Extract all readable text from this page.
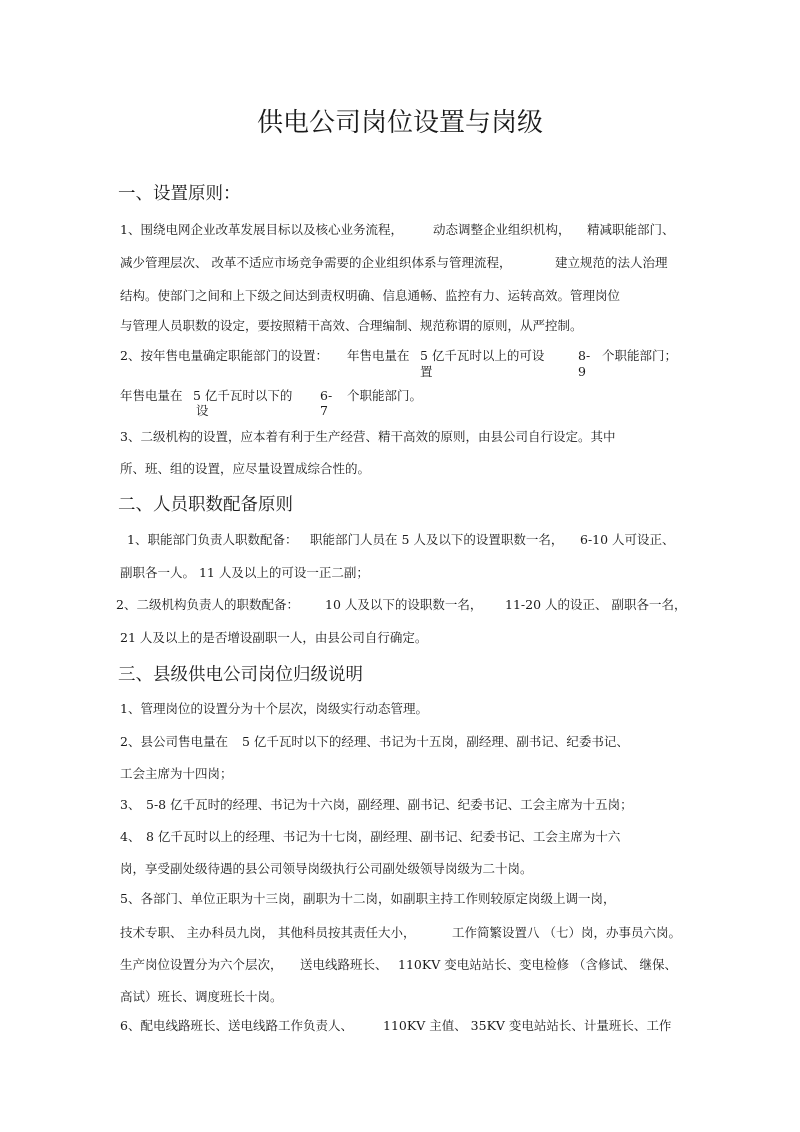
供电公司岗位设置与岗级
一、设置原则：
1、围绕电网企业改革发展目标以及核心业务流程， 动态调整企业组织机构， 精减职能部门、
减少管理层次、 改革不适应市场竞争需要的企业组织体系与管理流程，	建立规范的法人治理
结构。使部门之间和上下级之间达到责权明确、信息通畅、监控有力、运转高效。管理岗位
与管理人员职数的设定，要按照精干高效、合理编制、规范称谓的原则，从严控制。
2、按年售电量确定职能部门的设置： 年售电量在 5 亿千瓦时以上的可设
置
8-
9
个职能部门；
年售电量在 5 亿千瓦时以下的
设
6-
7
个职能部门。
3、二级机构的设置，应本着有利于生产经营、精干高效的原则，由县公司自行设定。其中
所、班、组的设置，应尽量设置成综合性的。
二、人员职数配备原则
1、职能部门负责人职数配备： 职能部门人员在 5 人及以下的设置职数一名， 6-10 人可设正、
副职各一人。 11 人及以上的可设一正二副；
2、二级机构负责人的职数配备： 10 人及以下的设职数一名， 11-20 人的设正、 副职各一名，
21 人及以上的是否增设副职一人，由县公司自行确定。
三、县级供电公司岗位归级说明
1、管理岗位的设置分为十个层次，岗级实行动态管理。
2、县公司售电量在 5 亿千瓦时以下的经理、书记为十五岗，副经理、副书记、纪委书记、
工会主席为十四岗；
3、 5-8 亿千瓦时的经理、书记为十六岗，副经理、副书记、纪委书记、工会主席为十五岗；
4、 8 亿千瓦时以上的经理、书记为十七岗，副经理、副书记、纪委书记、工会主席为十六
岗，享受副处级待遇的县公司领导岗级执行公司副处级领导岗级为二十岗。
5、各部门、单位正职为十三岗，副职为十二岗，如副职主持工作则较原定岗级上调一岗，
技术专职、 主办科员九岗， 其他科员按其责任大小，	工作简繁设置八 （七）岗，办事员六岗。
生产岗位设置分为六个层次， 送电线路班长、 110KV 变电站站长、 变电检修 （含修试、 继保、
高试）班长、调度班长十岗。
6、配电线路班长、送电线路工作负责人、 110KV 主值、 35KV 变电站站长、计量班长、工作
